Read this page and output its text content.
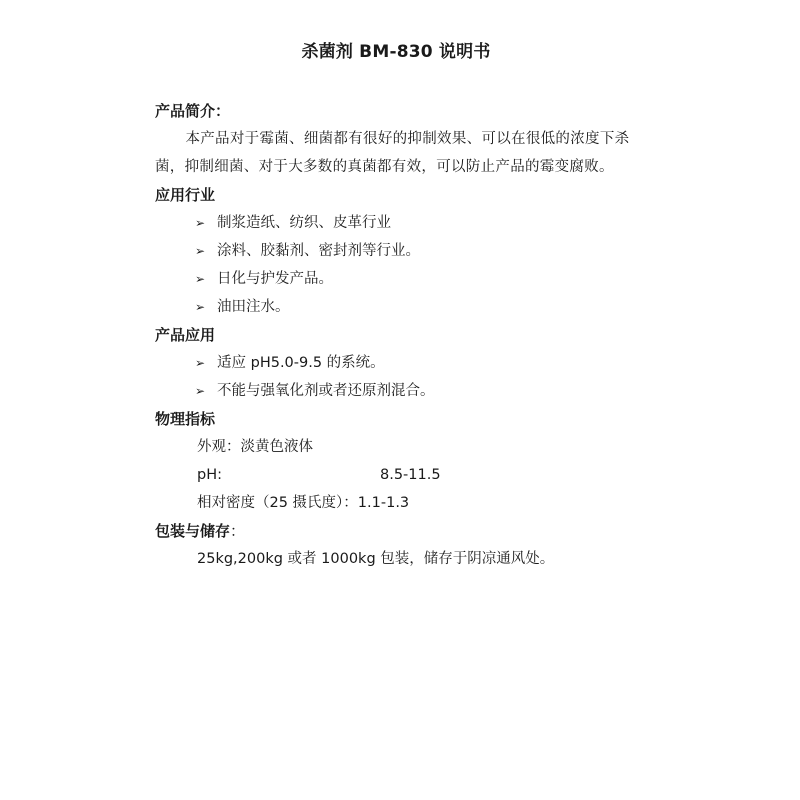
杀菌剂 BM-830 说明书
产品简介：
本产品对于霉菌、细菌都有很好的抑制效果、可以在很低的浓度下杀菌，抑制细菌、对于大多数的真菌都有效，可以防止产品的霉变腐败。
应用行业
➢ 制浆造纸、纺织、皮革行业
➢ 涂料、胶黏剂、密封剂等行业。
➢ 日化与护发产品。
➢ 油田注水。
产品应用
➢ 适应 pH5.0-9.5 的系统。
➢ 不能与强氧化剂或者还原剂混合。
物理指标
外观：淡黄色液体
pH:	8.5-11.5
相对密度（25 摄氏度）：1.1-1.3
包装与储存：
25kg,200kg 或者 1000kg 包装，储存于阴凉通风处。
